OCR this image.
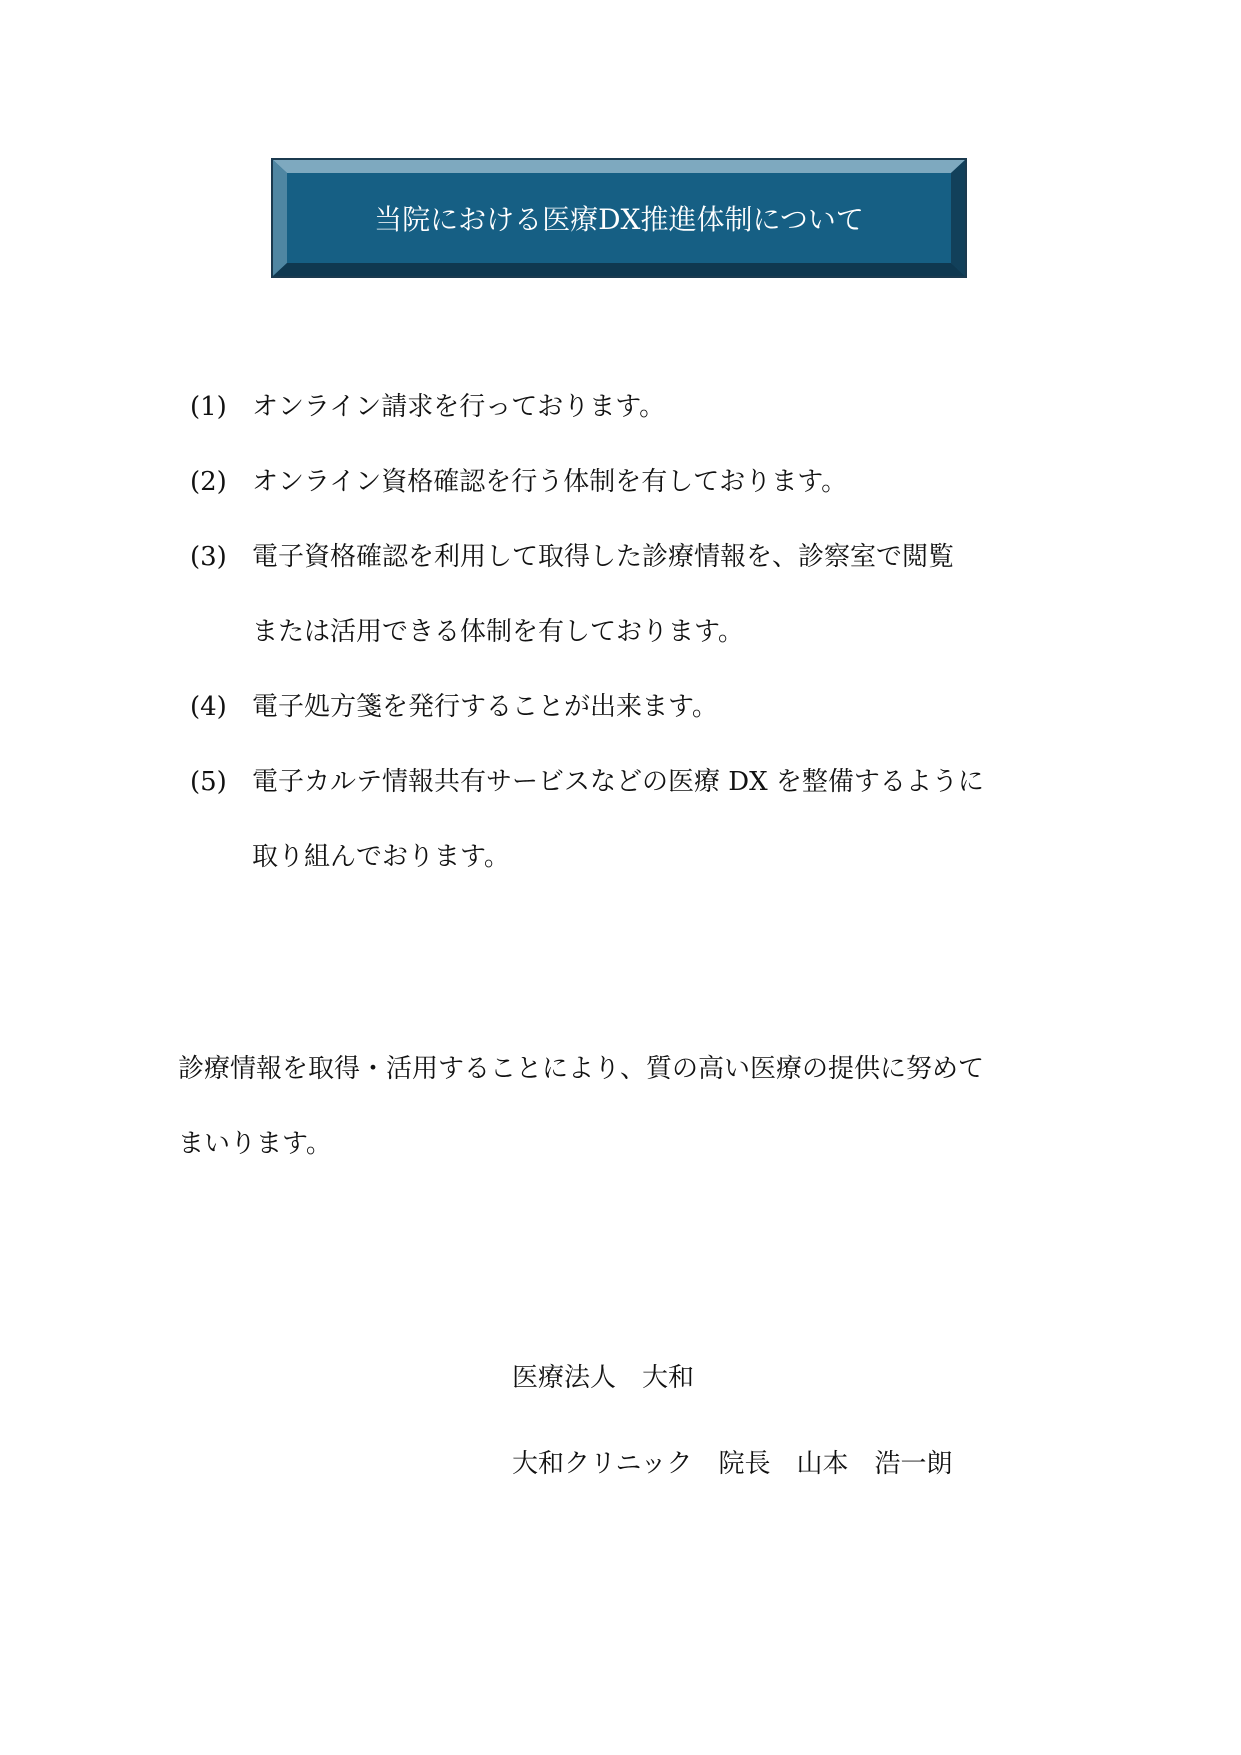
当院における医療DX推進体制について
(1) オンライン請求を行っております。
(2) オンライン資格確認を行う体制を有しております。
(3) 電子資格確認を利用して取得した診療情報を、診察室で閲覧
または活用できる体制を有しております。
(4) 電子処方箋を発行することが出来ます。
(5) 電子カルテ情報共有サービスなどの医療 DX を整備するように
取り組んでおります。

診療情報を取得・活用することにより、質の高い医療の提供に努めて

まいります。

医療法人　大和

大和クリニック　院長　山本　浩一朗
